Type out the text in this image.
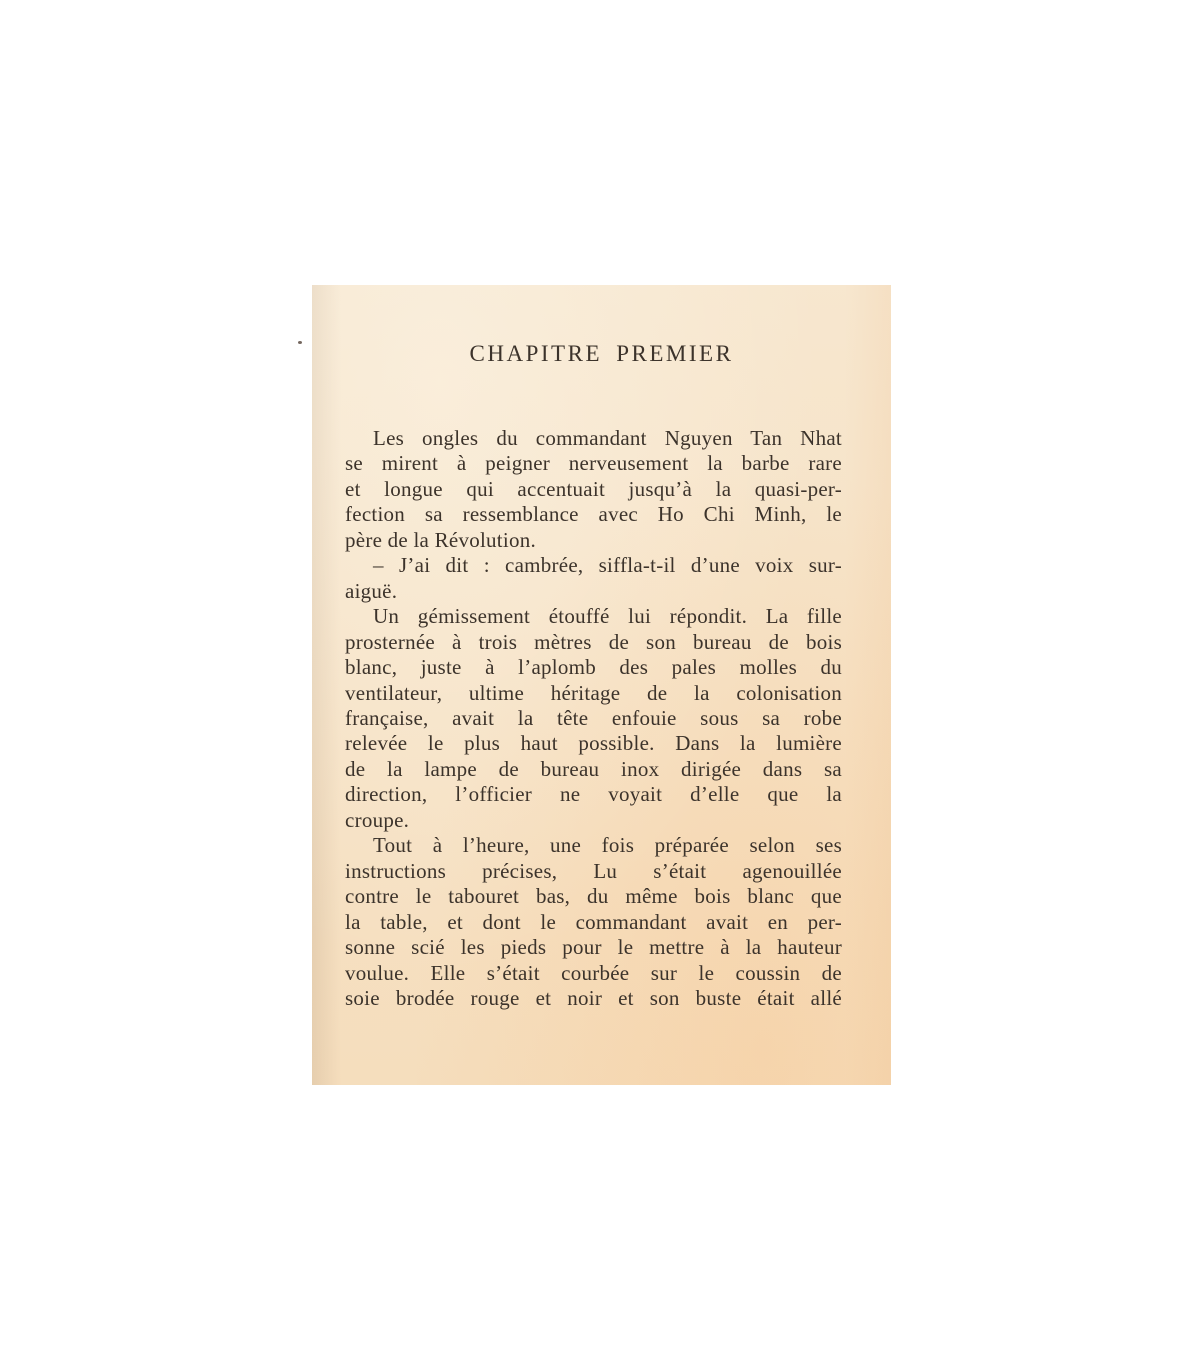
CHAPITRE PREMIER
Les ongles du commandant Nguyen Tan Nhat
se mirent à peigner nerveusement la barbe rare
et longue qui accentuait jusqu’à la quasi-per-
fection sa ressemblance avec Ho Chi Minh, le
père de la Révolution.
– J’ai dit : cambrée, siffla-t-il d’une voix sur-
aiguë.
Un gémissement étouffé lui répondit. La fille
prosternée à trois mètres de son bureau de bois
blanc, juste à l’aplomb des pales molles du
ventilateur, ultime héritage de la colonisation
française, avait la tête enfouie sous sa robe
relevée le plus haut possible. Dans la lumière
de la lampe de bureau inox dirigée dans sa
direction, l’officier ne voyait d’elle que la
croupe.
Tout à l’heure, une fois préparée selon ses
instructions précises, Lu s’était agenouillée
contre le tabouret bas, du même bois blanc que
la table, et dont le commandant avait en per-
sonne scié les pieds pour le mettre à la hauteur
voulue. Elle s’était courbée sur le coussin de
soie brodée rouge et noir et son buste était allé
